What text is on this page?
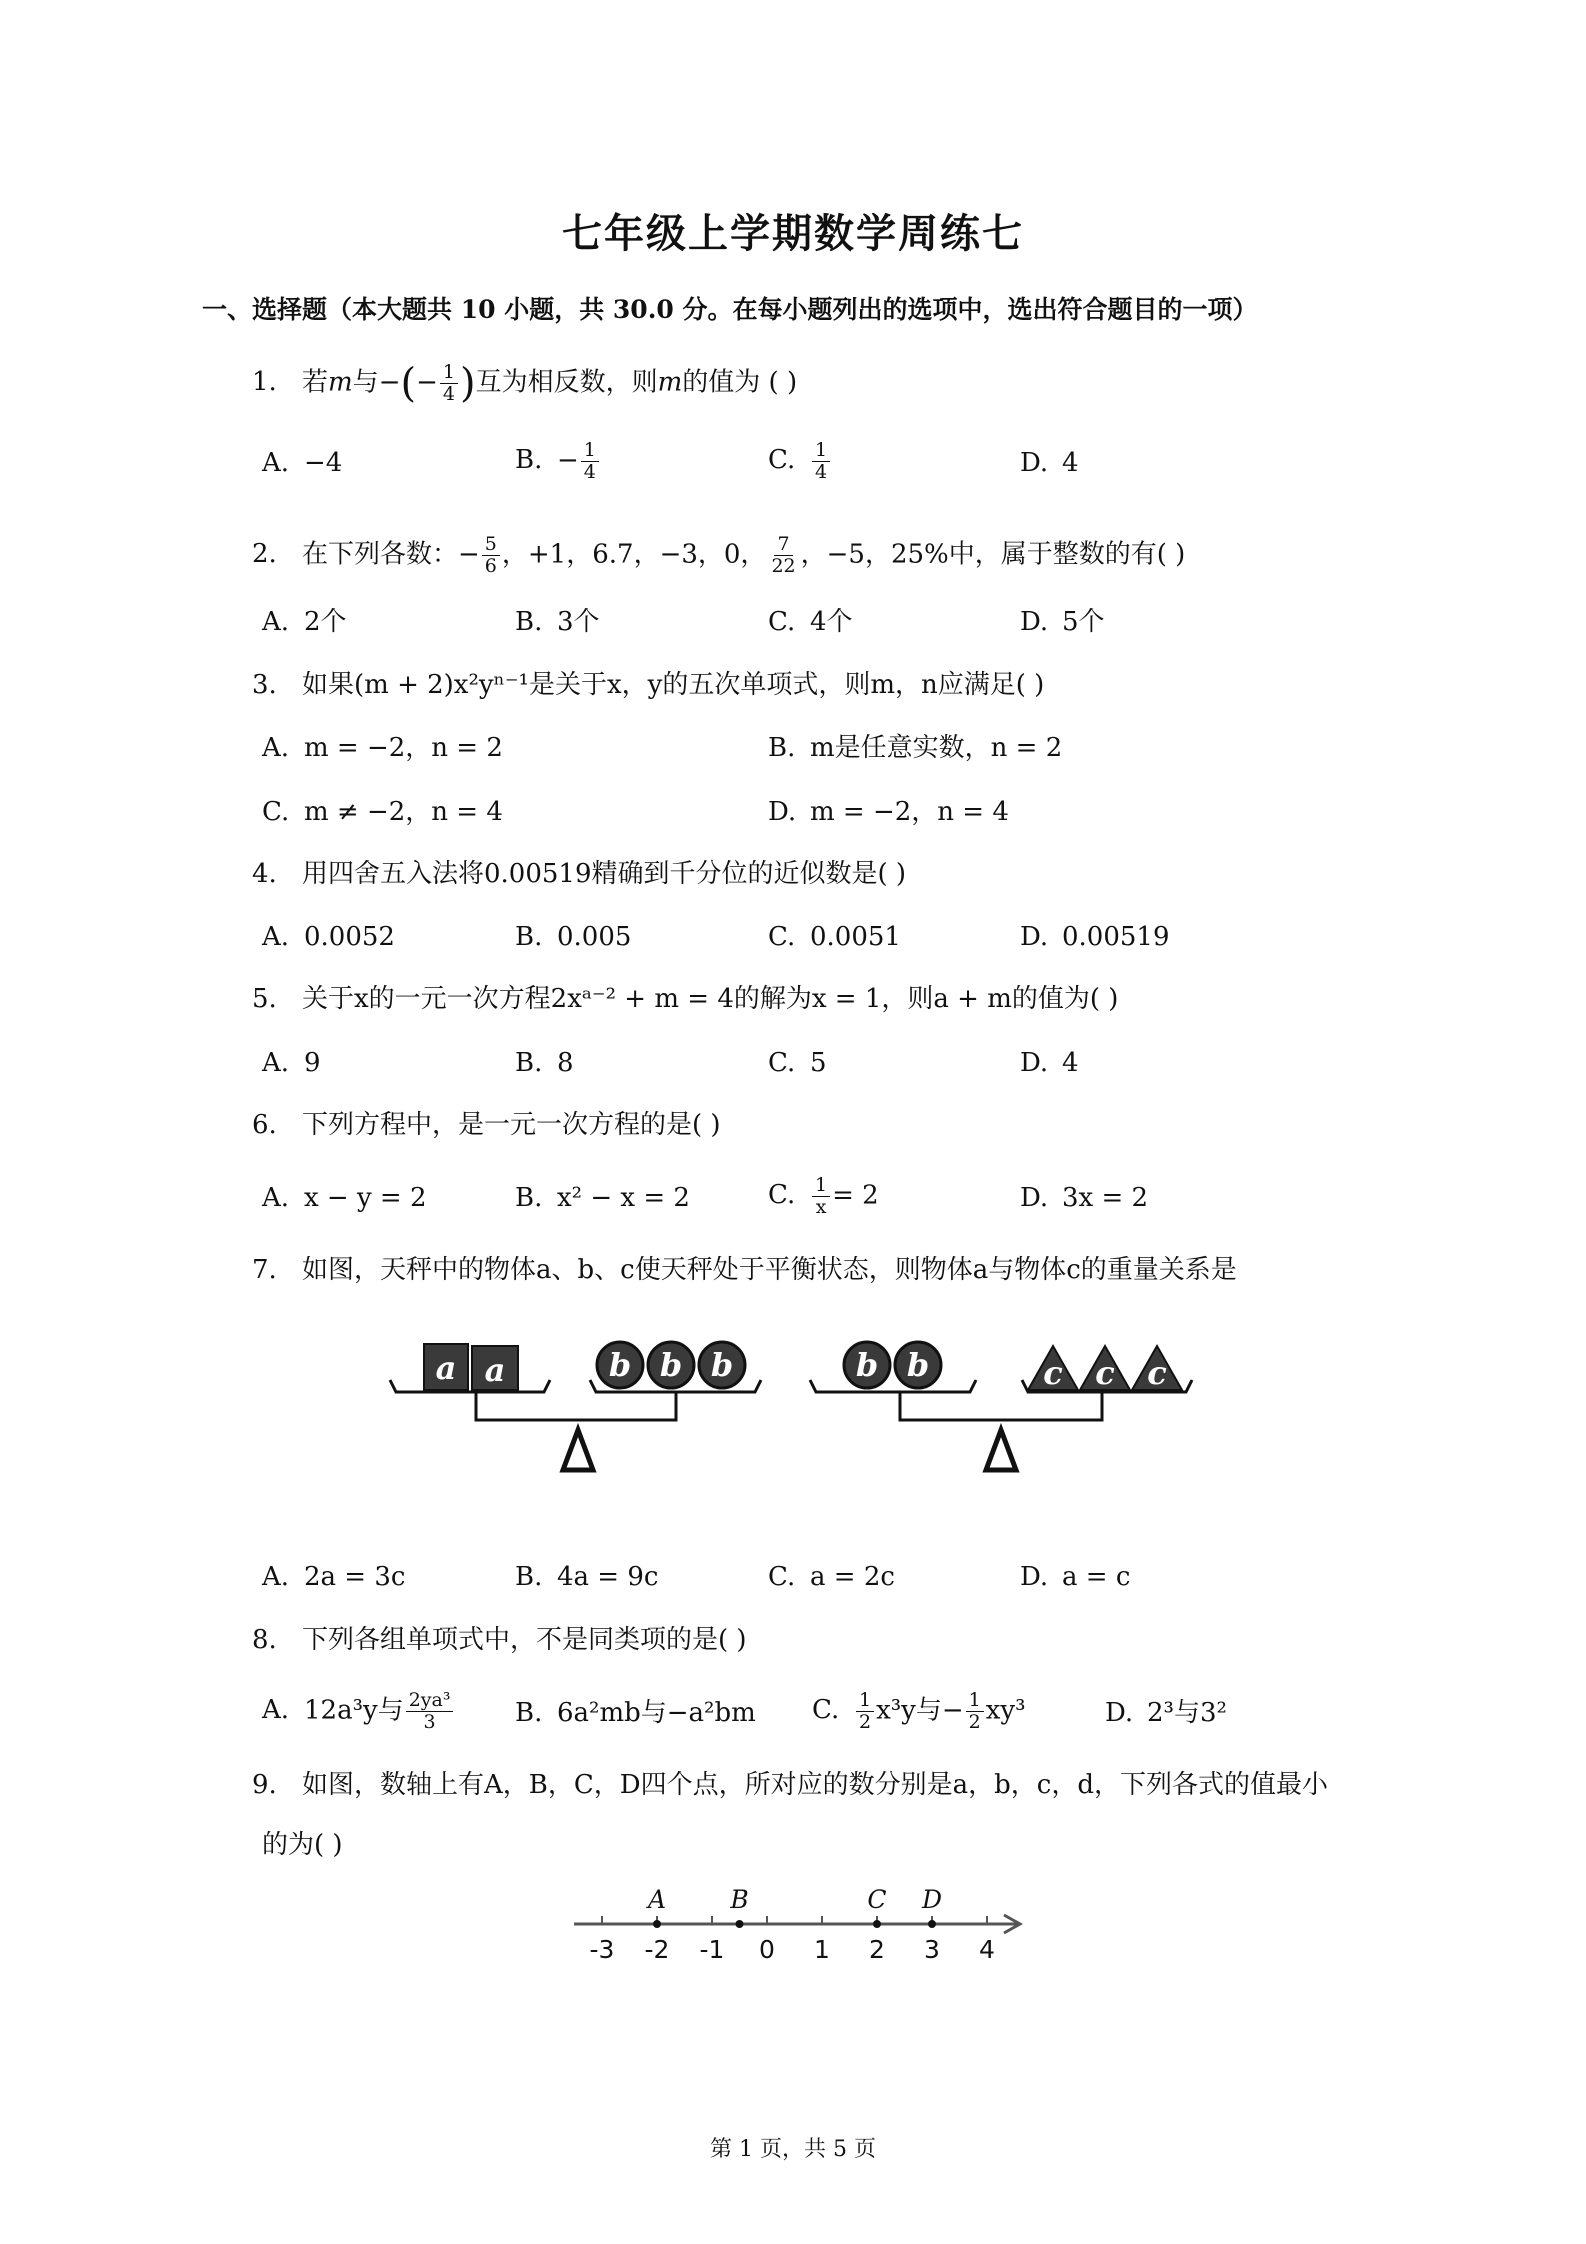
七年级上学期数学周练七
一、选择题（本大题共 10 小题，共 30.0 分。在每小题列出的选项中，选出符合题目的一项）
1. 若m与−(− $\frac{1}{4}$ )互为相反数，则m的值为 ( )
A. −4	B. − $\frac{1}{4}$	C. $\frac{1}{4}$	D. 4
2. 在下列各数：− $\frac{5}{6}$ ，+1，6.7，−3，0， $\frac{7}{22}$ ，−5，25%中，属于整数的有( )
A. 2个	B. 3个	C. 4个	D. 5个
3. 如果(m + 2)x²yⁿ⁻¹是关于x，y的五次单项式，则m，n应满足( )
A. m = −2，n = 2	B. m是任意实数，n = 2
C. m ≠ −2，n = 4	D. m = −2，n = 4
4. 用四舍五入法将0.00519精确到千分位的近似数是( )
A. 0.0052	B. 0.005	C. 0.0051	D. 0.00519
5. 关于x的一元一次方程2xᵃ⁻² + m = 4的解为x = 1，则a + m的值为( )
A. 9	B. 8	C. 5	D. 4
6. 下列方程中，是一元一次方程的是( )
A. x − y = 2	B. x² − x = 2	C. $\frac{1}{x} = 2$	D. 3x = 2
7. 如图，天秤中的物体a、b、c使天秤处于平衡状态，则物体a与物体c的重量关系是
a a	b b b	b b	c c c
A. 2a = 3c	B. 4a = 9c	C. a = 2c	D. a = c
8. 下列各组单项式中，不是同类项的是( )
A. 12a³y与 $\frac{\text{2ya³}}{3} B$. 6a²mb与−a²bm C. $\frac{1}{2} x^3y$与− $\frac{1}{2} xy^3$	D. 2³与3²
9. 如图，数轴上有A，B，C，D四个点，所对应的数分别是a，b，c，d，下列各式的值最小
的为( )
-3 -2 -1 0 1 2 3 4
A	B	C D
第 1 页，共 5 页
